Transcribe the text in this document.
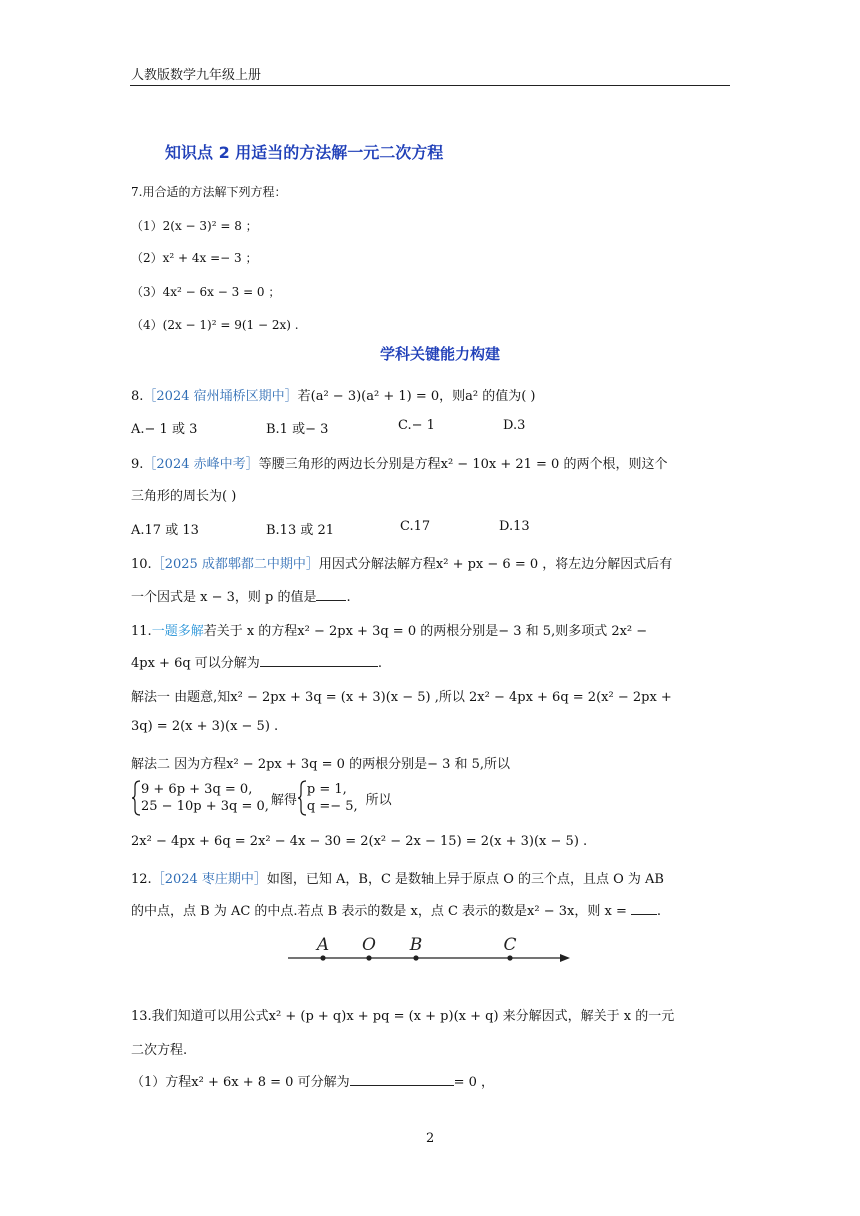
人教版数学九年级上册
知识点 2 用适当的方法解一元二次方程
7.用合适的方法解下列方程：
（1）2(x − 3)² = 8 ；
（2）x² + 4x =− 3 ；
（3）4x² − 6x − 3 = 0 ；
（4）(2x − 1)² = 9(1 − 2x) .
学科关键能力构建
8.［2024 宿州埇桥区期中］若(a² − 3)(a² + 1) = 0，则a² 的值为( )
A.− 1 或 3	B.1 或− 3	C.− 1	D.3
9.［2024 赤峰中考］等腰三角形的两边长分别是方程x² − 10x + 21 = 0 的两个根，则这个
三角形的周长为( )
A.17 或 13	B.13 或 21	C.17	D.13
10.［2025 成都郫都二中期中］用因式分解法解方程x² + px − 6 = 0 ，将左边分解因式后有
一个因式是 x − 3，则 p 的值是 .
11.一题多解若关于 x 的方程x² − 2px + 3q = 0 的两根分别是− 3 和 5,则多项式 2x² −
4px + 6q 可以分解为	.
解法一 由题意,知x² − 2px + 3q = (x + 3)(x − 5) ,所以 2x² − 4px + 6q = 2(x² − 2px +
3q) = 2(x + 3)(x − 5) .
解法二 因为方程x² − 2px + 3q = 0 的两根分别是− 3 和 5,所以
9 + 6p + 3q = 0,
25 − 10p + 3q = 0, 解得p = 1,
q =− 5, 所以
2x² − 4px + 6q = 2x² − 4x − 30 = 2(x² − 2x − 15) = 2(x + 3)(x − 5) .
12.［2024 枣庄期中］如图，已知 A，B，C 是数轴上异于原点 O 的三个点，且点 O 为 AB
的中点，点 B 为 AC 的中点.若点 B 表示的数是 x，点 C 表示的数是x² − 3x，则 x = .
A O B	C
13.我们知道可以用公式x² + (p + q)x + pq = (x + p)(x + q) 来分解因式，解关于 x 的一元
二次方程.
（1）方程x² + 6x + 8 = 0 可分解为	= 0 ，
2
